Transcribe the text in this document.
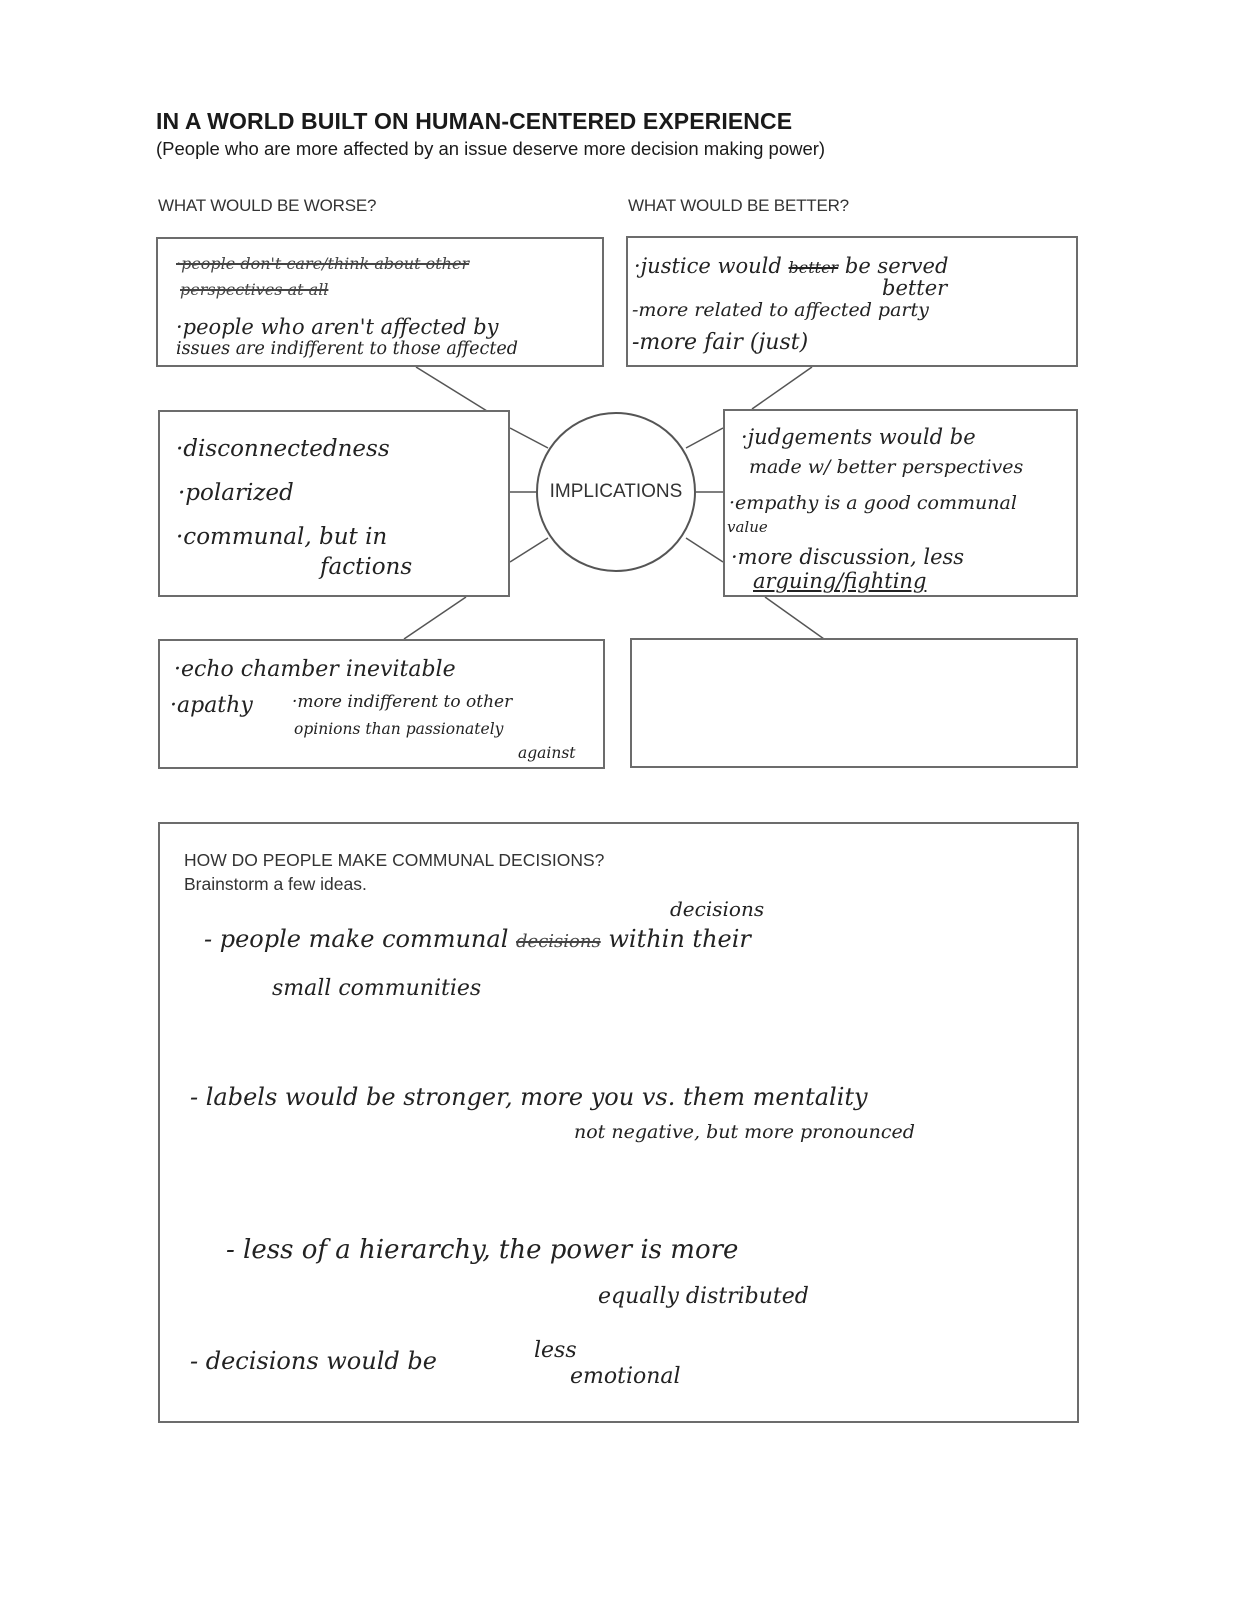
IN A WORLD BUILT ON HUMAN-CENTERED EXPERIENCE
(People who are more affected by an issue deserve more decision making power)
WHAT WOULD BE WORSE?	WHAT WOULD BE BETTER?
·people don't care/think about other
perspectives at all
·people who aren't affected by
issues are indifferent to those affected
better
·justice would better be served
-more related to affected party
-more fair (just)
·disconnectedness
·polarized
·communal, but in
factions
IMPLICATIONS
·judgements would be
made w/ better perspectives
·empathy is a good communal
value
·more discussion, less
arguing/fighting
·echo chamber inevitable
·apathy ·more indifferent to other
opinions than passionately
against
HOW DO PEOPLE MAKE COMMUNAL DECISIONS?
Brainstorm a few ideas.
decisions
- people make communal decisions within their
small communities
- labels would be stronger, more you vs. them mentality
not negative, but more pronounced
- less of a hierarchy, the power is more
equally distributed
- decisions would be	less
emotional
